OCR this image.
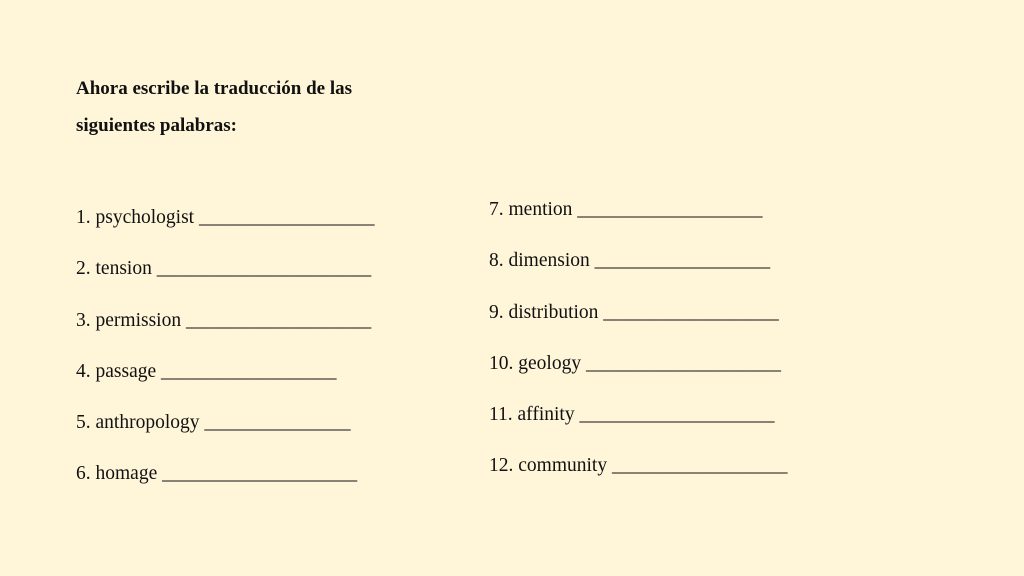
Ahora escribe la traducción de las
siguientes palabras:
1. psychologist __________________
2. tension ______________________
3. permission ___________________
4. passage __________________
5. anthropology _______________
6. homage ____________________
7. mention ___________________
8. dimension __________________
9. distribution __________________
10. geology ____________________
11. affinity ____________________
12. community __________________
